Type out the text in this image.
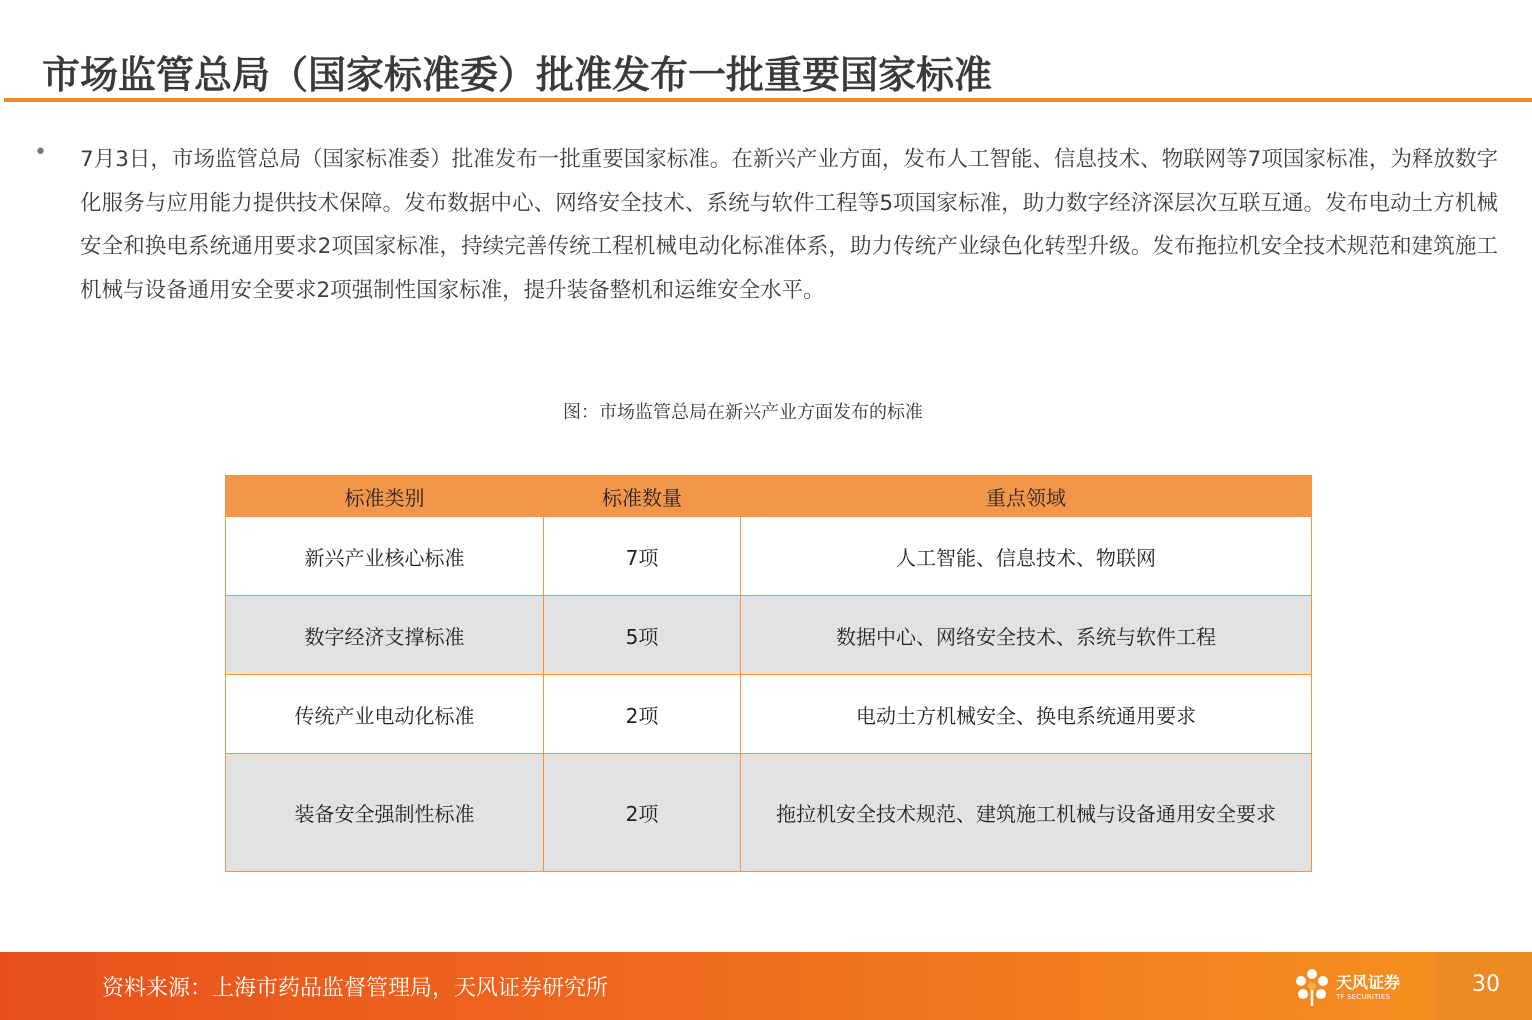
市场监管总局（国家标准委）批准发布一批重要国家标准
• 7月3日，市场监管总局（国家标准委）批准发布一批重要国家标准。在新兴产业方面，发布人工智能、信息技术、物联网等7项国家标准，为释放数字化服务与应用能力提供技术保障。发布数据中心、网络安全技术、系统与软件工程等5项国家标准，助力数字经济深层次互联互通。发布电动土方机械安全和换电系统通用要求2项国家标准，持续完善传统工程机械电动化标准体系，助力传统产业绿色化转型升级。发布拖拉机安全技术规范和建筑施工机械与设备通用安全要求2项强制性国家标准，提升装备整机和运维安全水平。

图：市场监管总局在新兴产业方面发布的标准

标准类别	标准数量	重点领域
新兴产业核心标准	7项	人工智能、信息技术、物联网
数字经济支撑标准	5项	数据中心、网络安全技术、系统与软件工程
传统产业电动化标准	2项	电动土方机械安全、换电系统通用要求
装备安全强制性标准	2项	拖拉机安全技术规范、建筑施工机械与设备通用安全要求

资料来源：上海市药品监督管理局，天风证券研究所	天风证券
TF SECURITIES	30
